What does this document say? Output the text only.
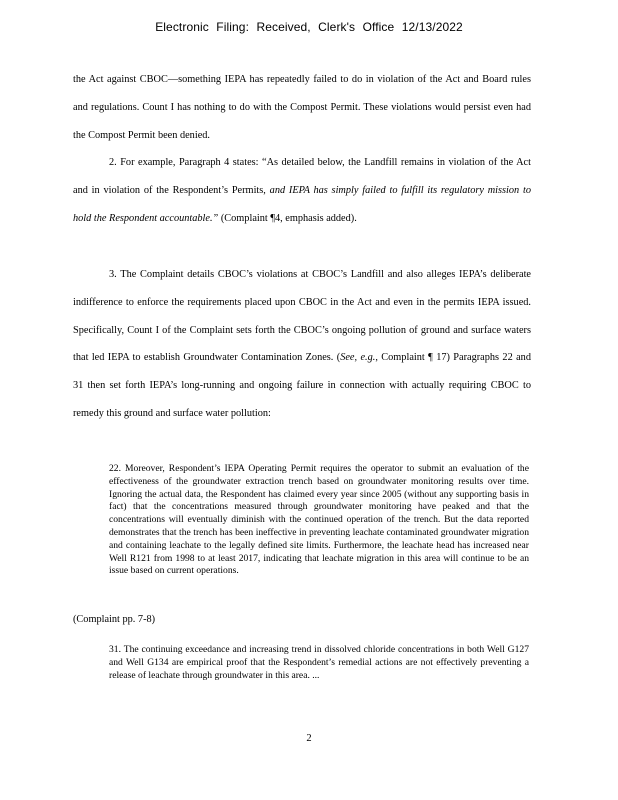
Electronic Filing: Received, Clerk's Office 12/13/2022

the Act against CBOC—something IEPA has repeatedly failed to do in violation of the Act and Board rules and regulations. Count I has nothing to do with the Compost Permit. These violations would persist even had the Compost Permit been denied.

2. For example, Paragraph 4 states: “As detailed below, the Landfill remains in violation of the Act and in violation of the Respondent’s Permits, and IEPA has simply failed to fulfill its regulatory mission to hold the Respondent accountable.” (Complaint ¶4, emphasis added).

3. The Complaint details CBOC’s violations at CBOC’s Landfill and also alleges IEPA’s deliberate indifference to enforce the requirements placed upon CBOC in the Act and even in the permits IEPA issued. Specifically, Count I of the Complaint sets forth the CBOC’s ongoing pollution of ground and surface waters that led IEPA to establish Groundwater Contamination Zones. (See, e.g., Complaint ¶ 17) Paragraphs 22 and 31 then set forth IEPA’s long-running and ongoing failure in connection with actually requiring CBOC to remedy this ground and surface water pollution:

22. Moreover, Respondent’s IEPA Operating Permit requires the operator to submit an evaluation of the effectiveness of the groundwater extraction trench based on groundwater monitoring results over time. Ignoring the actual data, the Respondent has claimed every year since 2005 (without any supporting basis in fact) that the concentrations measured through groundwater monitoring have peaked and that the concentrations will eventually diminish with the continued operation of the trench. But the data reported demonstrates that the trench has been ineffective in preventing leachate contaminated groundwater migration and containing leachate to the legally defined site limits. Furthermore, the leachate head has increased near Well R121 from 1998 to at least 2017, indicating that leachate migration in this area will continue to be an issue based on current operations.

(Complaint pp. 7-8)

31. The continuing exceedance and increasing trend in dissolved chloride concentrations in both Well G127 and Well G134 are empirical proof that the Respondent’s remedial actions are not effectively preventing a release of leachate through groundwater in this area. ...

2
